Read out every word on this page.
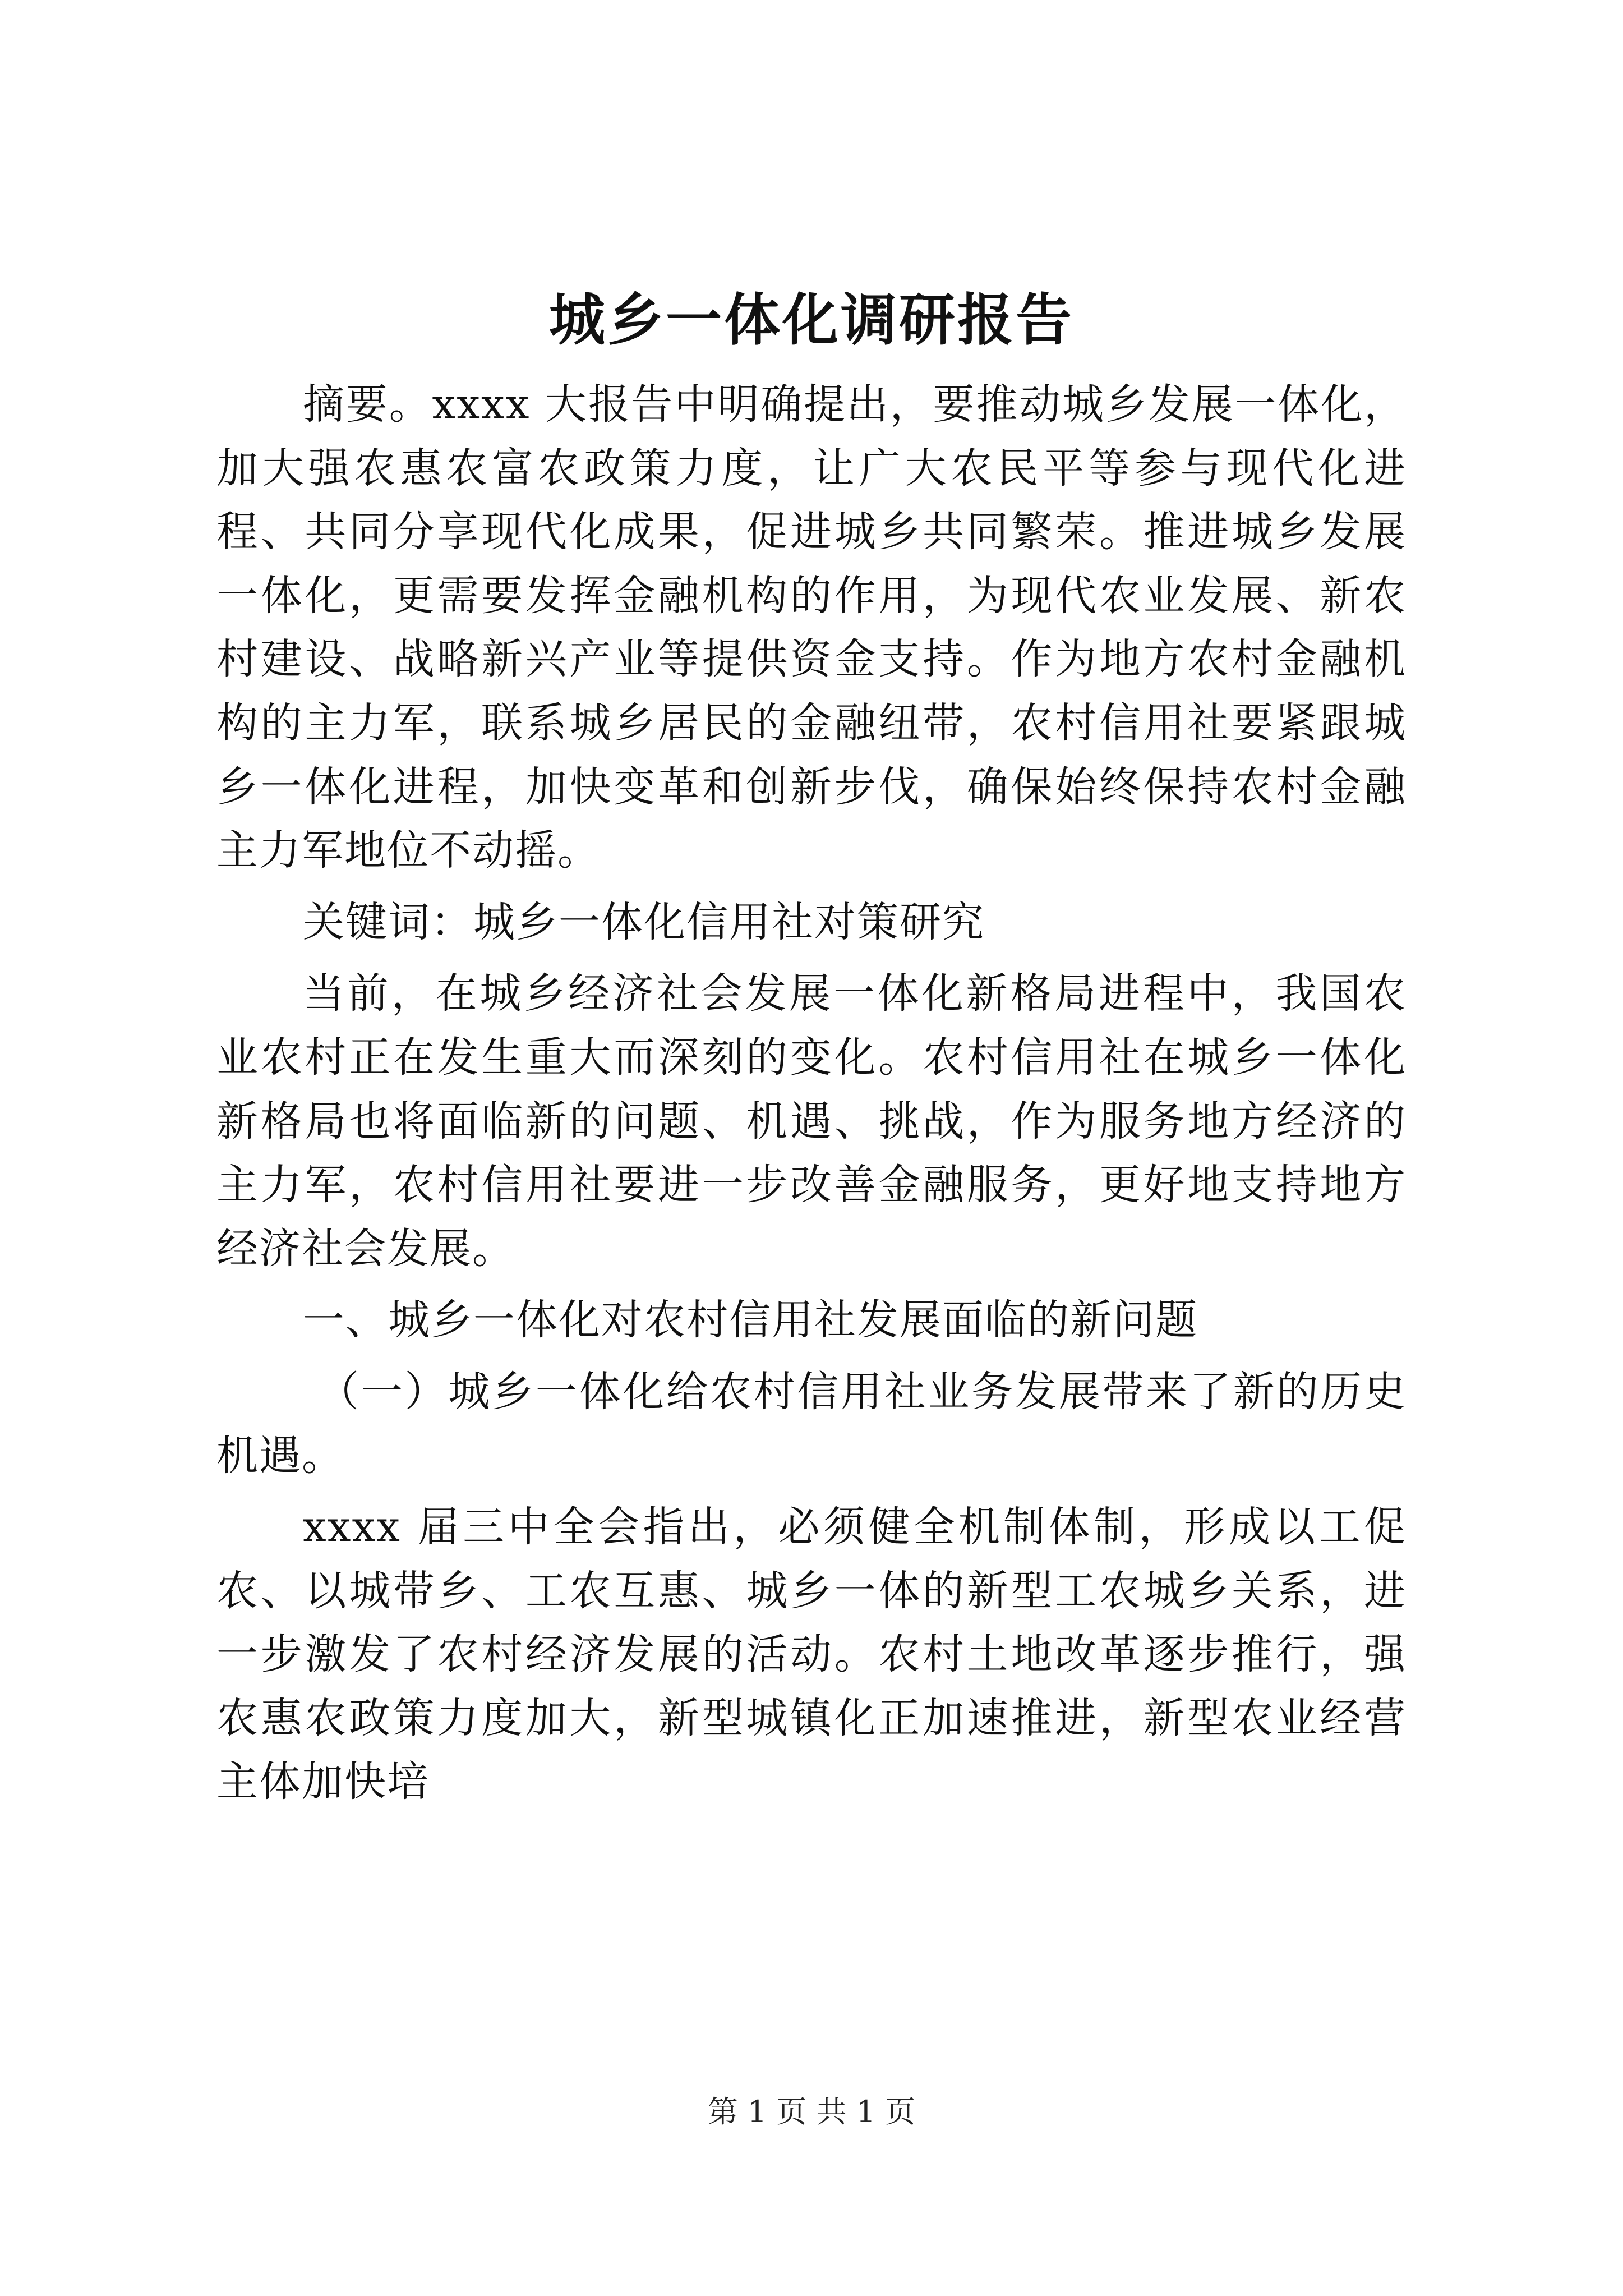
城乡一体化调研报告

摘要。xxxx 大报告中明确提出，要推动城乡发展一体化，加大强农惠农富农政策力度，让广大农民平等参与现代化进程、共同分享现代化成果，促进城乡共同繁荣。推进城乡发展一体化，更需要发挥金融机构的作用，为现代农业发展、新农村建设、战略新兴产业等提供资金支持。作为地方农村金融机构的主力军，联系城乡居民的金融纽带，农村信用社要紧跟城乡一体化进程，加快变革和创新步伐，确保始终保持农村金融主力军地位不动摇。

关键词：城乡一体化信用社对策研究

当前，在城乡经济社会发展一体化新格局进程中，我国农业农村正在发生重大而深刻的变化。农村信用社在城乡一体化新格局也将面临新的问题、机遇、挑战，作为服务地方经济的主力军，农村信用社要进一步改善金融服务，更好地支持地方经济社会发展。

一、城乡一体化对农村信用社发展面临的新问题

（一）城乡一体化给农村信用社业务发展带来了新的历史机遇。

xxxx 届三中全会指出，必须健全机制体制，形成以工促农、以城带乡、工农互惠、城乡一体的新型工农城乡关系，进一步激发了农村经济发展的活动。农村土地改革逐步推行，强农惠农政策力度加大，新型城镇化正加速推进，新型农业经营主体加快培

第 1 页 共 1 页
